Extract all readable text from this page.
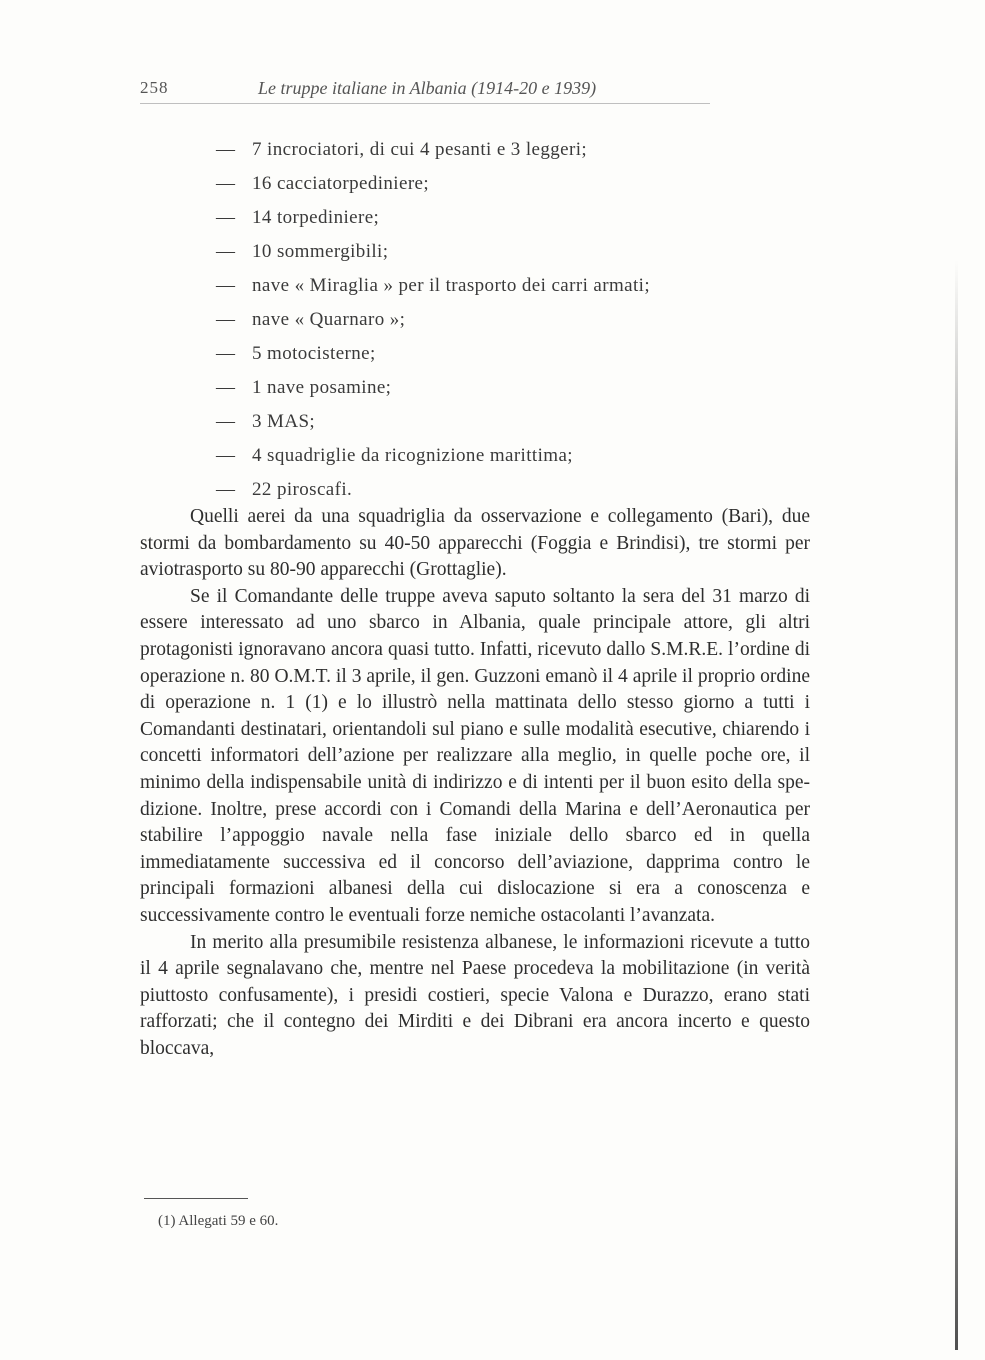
258	Le truppe italiane in Albania (1914-20 e 1939)
— 7 incrociatori, di cui 4 pesanti e 3 leggeri;
— 16 cacciatorpediniere;
— 14 torpediniere;
— 10 sommergibili;
— nave « Miraglia » per il trasporto dei carri armati;
— nave « Quarnaro »;
— 5 motocisterne;
— 1 nave posamine;
— 3 MAS;
— 4 squadriglie da ricognizione marittima;
— 22 piroscafi.

Quelli aerei da una squadriglia da osservazione e collegamento (Bari), due stormi da bombardamento su 40-50 apparecchi (Foggia e Brindisi), tre stormi per aviotrasporto su 80-90 apparecchi (Grottaglie).

Se il Comandante delle truppe aveva saputo soltanto la sera del 31 marzo di essere interessato ad uno sbarco in Albania, quale principale attore, gli altri protagonisti ignoravano ancora quasi tutto. Infatti, ricevuto dallo S.M.R.E. l’ordine di operazione n. 80 O.M.T. il 3 aprile, il gen. Guzzoni emanò il 4 aprile il proprio ordine di operazione n. 1 (1) e lo illustrò nella mattinata dello stesso giorno a tutti i Comandanti destinatari, orientandoli sul piano e sulle modalità esecutive, chiarendo i concetti informatori dell’azione per realizzare alla meglio, in quelle poche ore, il minimo della indispensabile unità di indirizzo e di intenti per il buon esito della spedizione. Inoltre, prese accordi con i Comandi della Marina e dell’Aeronautica per stabilire l’appoggio navale nella fase iniziale dello sbarco ed in quella immediatamente successiva ed il concorso dell’aviazione, dapprima contro le principali formazioni albanesi della cui dislocazione si era a conoscenza e successivamente contro le eventuali forze nemiche ostacolanti l’avanzata.

In merito alla presumibile resistenza albanese, le informazioni ricevute a tutto il 4 aprile segnalavano che, mentre nel Paese procedeva la mobilitazione (in verità piuttosto confusamente), i presidi costieri, specie Valona e Durazzo, erano stati rafforzati; che il contegno dei Mirditi e dei Dibrani era ancora incerto e questo bloccava,

(1) Allegati 59 e 60.
